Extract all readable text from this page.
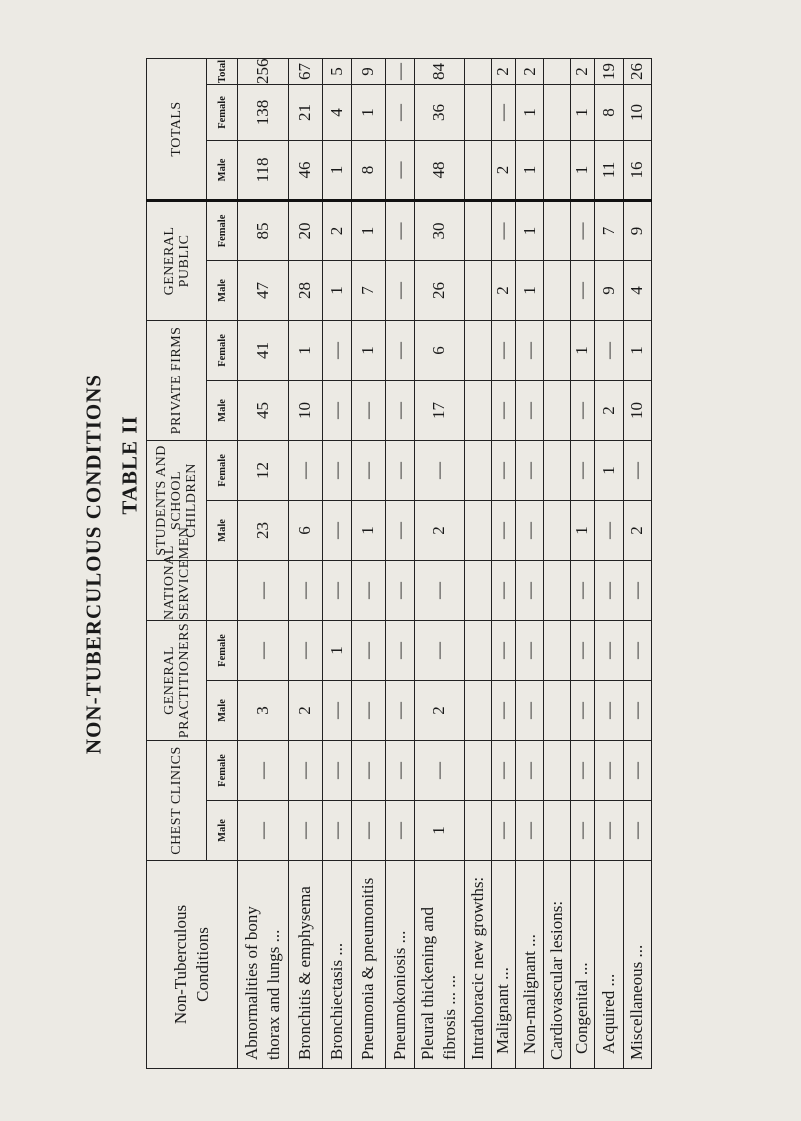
TABLE II
NON-TUBERCULOUS CONDITIONS
Non-Tuberculous Conditions	CHEST CLINICS		GENERAL PRACTITIONERS		NATIONAL SERVICEMEN	STUDENTS AND SCHOOL CHILDREN		PRIVATE FIRMS		GENERAL PUBLIC		TOTALS			
	Male	Female	Male	Female		Male	Female	Male	Female	Male	Female	Male	Female	Total	

Abnormalities of bony thorax and lungs ...	—	—	3	—	—	23	12	45	41	47	85	118	138	256	

Bronchitis & emphysema	—	—	2	—	—	6	—	10	1	28	20	46	21	67	

Bronchiectasis ...	—	—	—	1	—	—	—	—	—	1	2	1	4	5	

Pneumonia & pneumonitis	—	—	—	—	—	1	—	—	1	7	1	8	1	9	

Pneumokoniosis ...	—	—	—	—	—	—	—	—	—	—	—	—	—	—	

Pleural thickening and fibrosis ... ...	1	—	2	—	—	2	—	17	6	26	30	48	36	84	

Intrathoracic new growths:															

Malignant ...	—	—	—	—	—	—	—	—	—	2	—	2	—	2	

Non-malignant ...	—	—	—	—	—	—	—	—	—	1	1	1	1	2	

Cardiovascular lesions:															

Congenital ...	—	—	—	—	—	1	—	—	1	—	—	1	1	2	

Acquired ...	—	—	—	—	—	—	1	2	—	9	7	11	8	19	

Miscellaneous ...	—	—	—	—	—	2	—	10	1	4	9	16	10	26	
